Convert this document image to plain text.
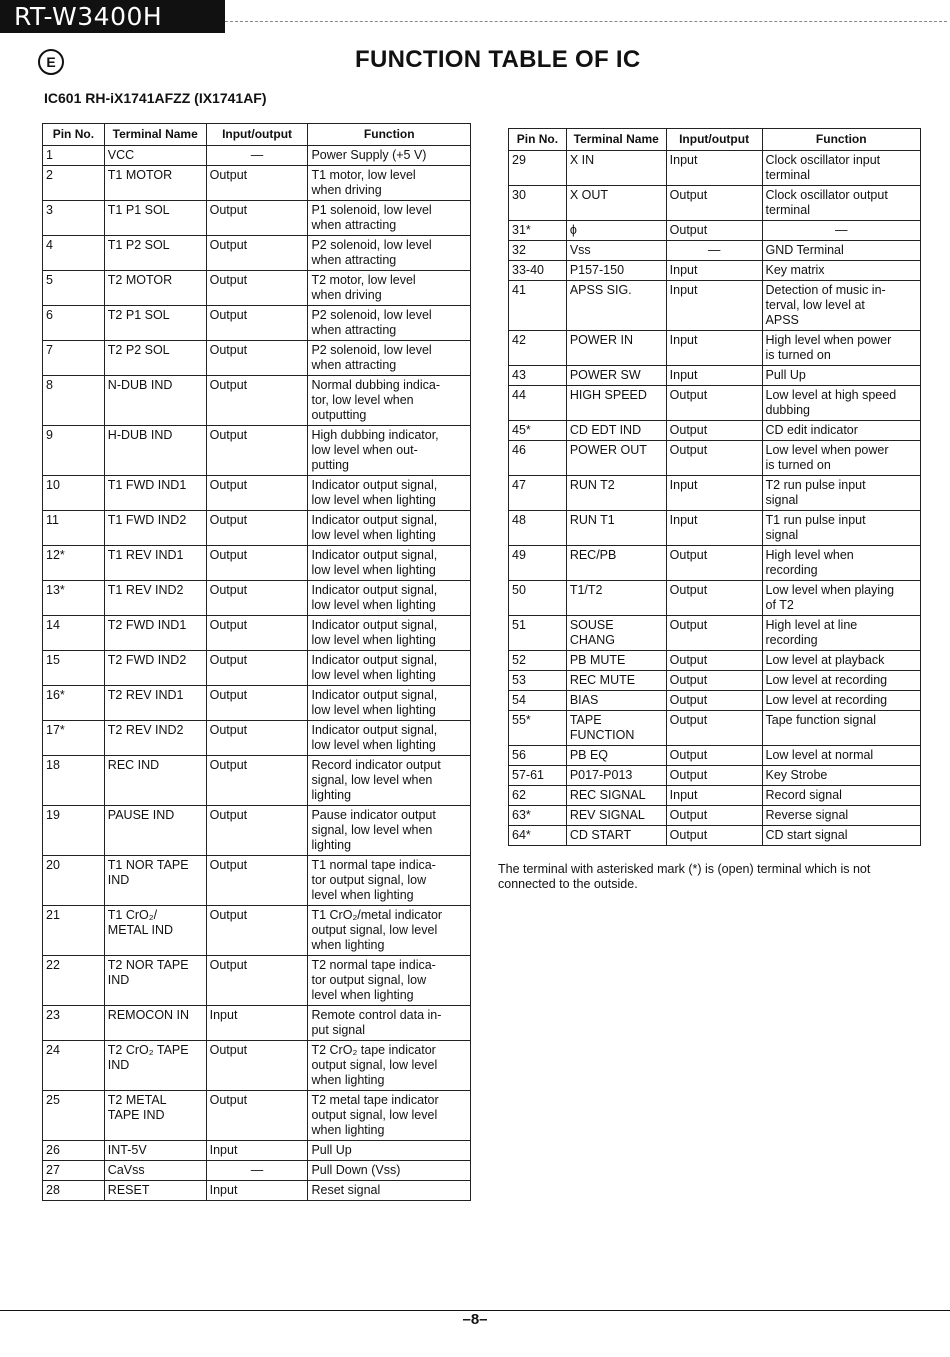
RT-W3400H
E	FUNCTION TABLE OF IC
IC601 RH-iX1741AFZZ (IX1741AF)
Pin No.	Terminal Name	Input/output	Function
1	VCC	—	Power Supply (+5 V)
2	T1 MOTOR	Output	T1 motor, low level
when driving
3	T1 P1 SOL	Output	P1 solenoid, low level
when attracting
4	T1 P2 SOL	Output	P2 solenoid, low level
when attracting
5	T2 MOTOR	Output	T2 motor, low level
when driving
6	T2 P1 SOL	Output	P2 solenoid, low level
when attracting
7	T2 P2 SOL	Output	P2 solenoid, low level
when attracting
8	N-DUB IND	Output	Normal dubbing indica-
tor, low level when
outputting
9	H-DUB IND	Output	High dubbing indicator,
low level when out-
putting
10	T1 FWD IND1	Output	Indicator output signal,
low level when lighting
11	T1 FWD IND2	Output	Indicator output signal,
low level when lighting
12*	T1 REV IND1	Output	Indicator output signal,
low level when lighting
13*	T1 REV IND2	Output	Indicator output signal,
low level when lighting
14	T2 FWD IND1	Output	Indicator output signal,
low level when lighting
15	T2 FWD IND2	Output	Indicator output signal,
low level when lighting
16*	T2 REV IND1	Output	Indicator output signal,
low level when lighting
17*	T2 REV IND2	Output	Indicator output signal,
low level when lighting
18	REC IND	Output	Record indicator output
signal, low level when
lighting
19	PAUSE IND	Output	Pause indicator output
signal, low level when
lighting
20	T1 NOR TAPE
IND	Output	T1 normal tape indica-
tor output signal, low
level when lighting
21	T1 CrO₂/
METAL IND	Output	T1 CrO₂/metal indicator
output signal, low level
when lighting
22	T2 NOR TAPE
IND	Output	T2 normal tape indica-
tor output signal, low
level when lighting
23	REMOCON IN	Input	Remote control data in-
put signal
24	T2 CrO₂ TAPE
IND	Output	T2 CrO₂ tape indicator
output signal, low level
when lighting
25	T2 METAL
TAPE IND	Output	T2 metal tape indicator
output signal, low level
when lighting
26	INT-5V	Input	Pull Up
27	CaVss	—	Pull Down (Vss)
28	RESET	Input	Reset signal
Pin No.	Terminal Name	Input/output	Function
29	X IN	Input	Clock oscillator input
terminal
30	X OUT	Output	Clock oscillator output
terminal
31*	ϕ	Output	—
32	Vss	—	GND Terminal
33-40	P157-150	Input	Key matrix
41	APSS SIG.	Input	Detection of music in-
terval, low level at
APSS
42	POWER IN	Input	High level when power
is turned on
43	POWER SW	Input	Pull Up
44	HIGH SPEED	Output	Low level at high speed
dubbing
45*	CD EDT IND	Output	CD edit indicator
46	POWER OUT	Output	Low level when power
is turned on
47	RUN T2	Input	T2 run pulse input
signal
48	RUN T1	Input	T1 run pulse input
signal
49	REC/PB	Output	High level when
recording
50	T1/T2	Output	Low level when playing
of T2
51	SOUSE
CHANG	Output	High level at line
recording
52	PB MUTE	Output	Low level at playback
53	REC MUTE	Output	Low level at recording
54	BIAS	Output	Low level at recording
55*	TAPE
FUNCTION	Output	Tape function signal
56	PB EQ	Output	Low level at normal
57-61	P017-P013	Output	Key Strobe
62	REC SIGNAL	Input	Record signal
63*	REV SIGNAL	Output	Reverse signal
64*	CD START	Output	CD start signal
The terminal with asterisked mark (*) is (open) terminal which is not connected to the outside.
–8–
